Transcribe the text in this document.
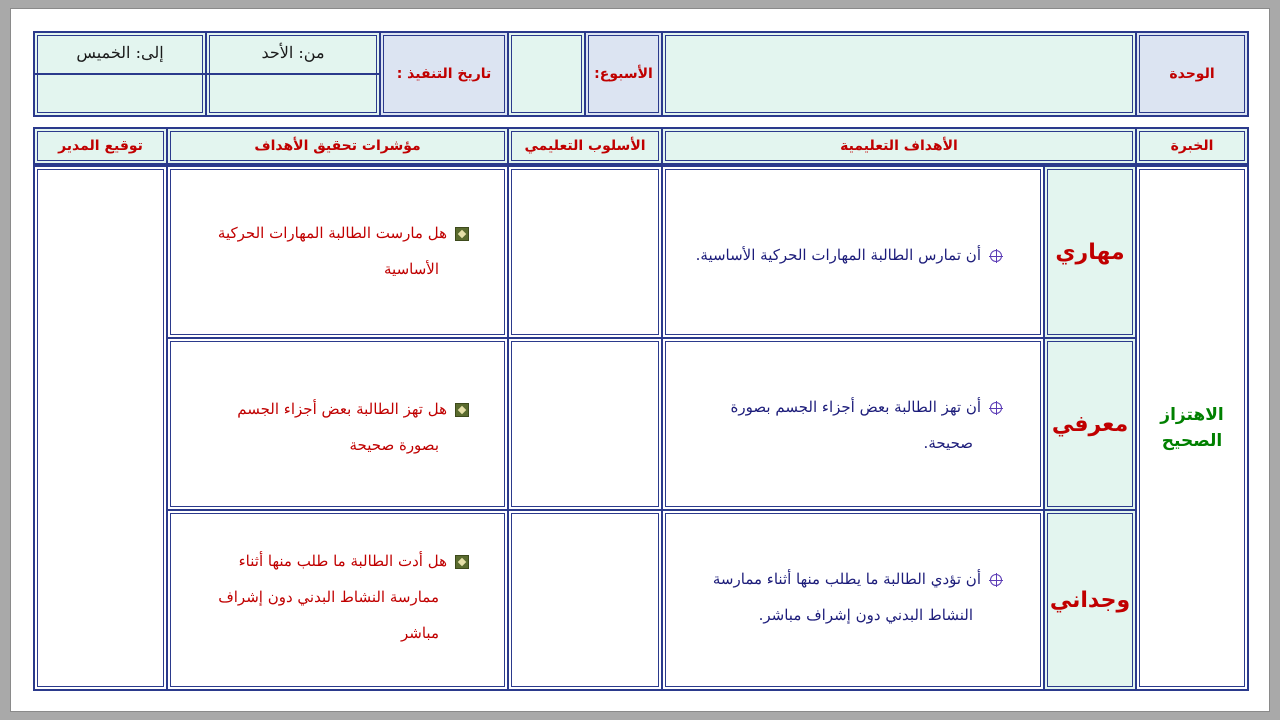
الوحدة
الأسبوع:
تاريخ التنفيذ :
من: الأحد
إلى: الخميس
الخبرة
الأهداف التعليمية
الأسلوب التعليمي
مؤشرات تحقيق الأهداف
توقيع المدير
الاهتزاز الصحيح
مهاري
معرفي
وجداني
أن تمارس الطالبة المهارات الحركية الأساسية.
أن تهز الطالبة بعض أجزاء الجسم بصورة
صحيحة.
أن تؤدي الطالبة ما يطلب منها أثناء ممارسة
النشاط البدني دون إشراف مباشر.
هل مارست الطالبة المهارات الحركية
الأساسية
هل تهز الطالبة بعض أجزاء الجسم
بصورة صحيحة
هل أدت الطالبة ما طلب منها أثناء
ممارسة النشاط البدني دون إشراف
مباشر
